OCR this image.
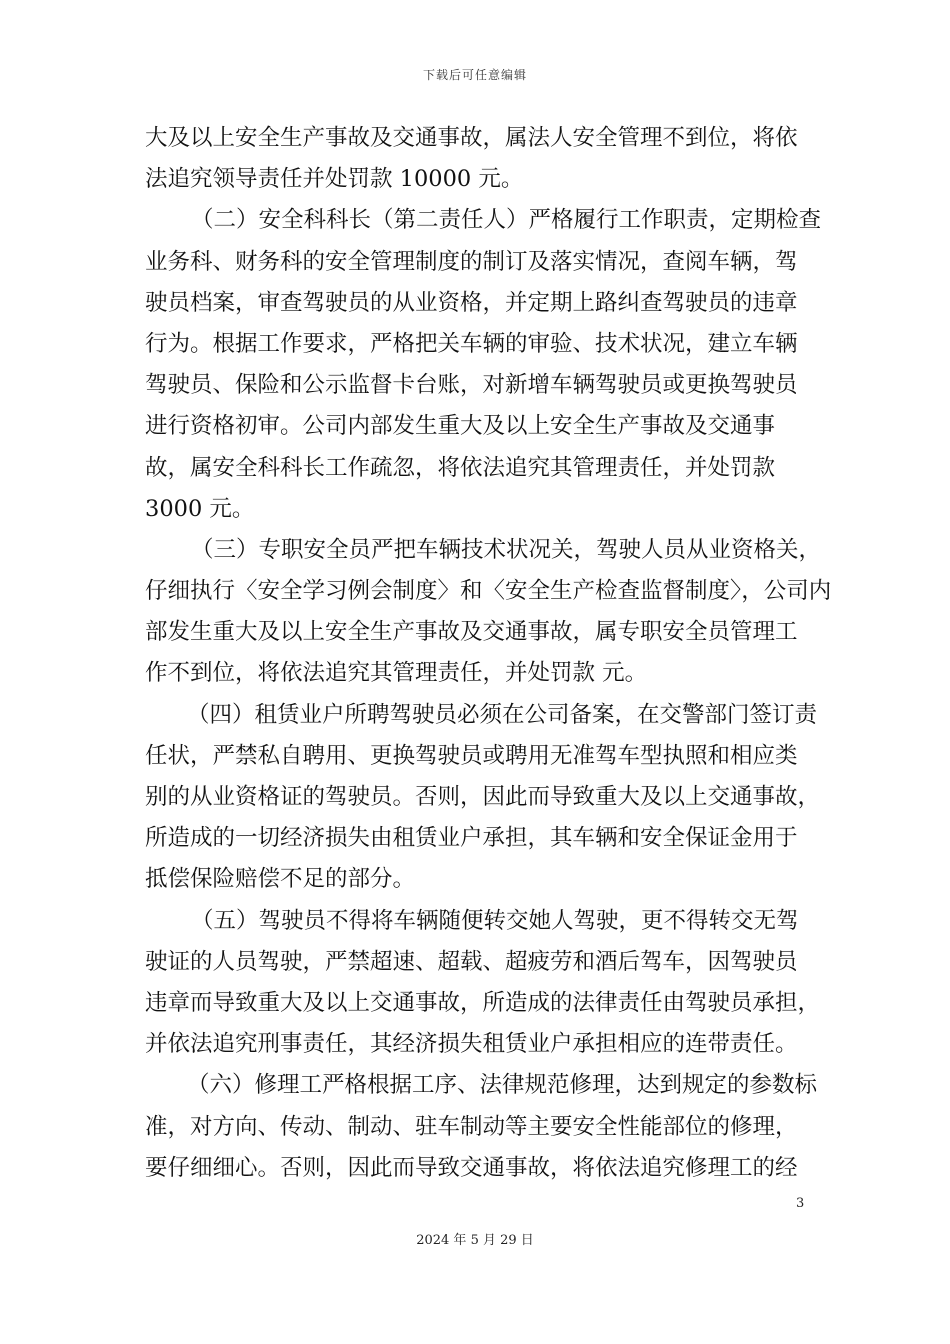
下载后可任意编辑
大及以上安全生产事故及交通事故，属法人安全管理不到位，将依
法追究领导责任并处罚款 10000 元。
（二）安全科科长（第二责任人）严格履行工作职责，定期检查
业务科、财务科的安全管理制度的制订及落实情况，查阅车辆，驾
驶员档案，审查驾驶员的从业资格，并定期上路纠查驾驶员的违章
行为。根据工作要求，严格把关车辆的审验、技术状况，建立车辆
驾驶员、保险和公示监督卡台账，对新增车辆驾驶员或更换驾驶员
进行资格初审。公司内部发生重大及以上安全生产事故及交通事
故，属安全科科长工作疏忽，将依法追究其管理责任，并处罚款
3000 元。
（三）专职安全员严把车辆技术状况关，驾驶人员从业资格关，
仔细执行〈安全学习例会制度〉和〈安全生产检查监督制度〉，公司内
部发生重大及以上安全生产事故及交通事故，属专职安全员管理工
作不到位，将依法追究其管理责任，并处罚款 元。
（四）租赁业户所聘驾驶员必须在公司备案，在交警部门签订责
任状，严禁私自聘用、更换驾驶员或聘用无准驾车型执照和相应类
别的从业资格证的驾驶员。否则，因此而导致重大及以上交通事故，
所造成的一切经济损失由租赁业户承担，其车辆和安全保证金用于
抵偿保险赔偿不足的部分。
（五）驾驶员不得将车辆随便转交她人驾驶，更不得转交无驾
驶证的人员驾驶，严禁超速、超载、超疲劳和酒后驾车，因驾驶员
违章而导致重大及以上交通事故，所造成的法律责任由驾驶员承担，
并依法追究刑事责任，其经济损失租赁业户承担相应的连带责任。
（六）修理工严格根据工序、法律规范修理，达到规定的参数标
准，对方向、传动、制动、驻车制动等主要安全性能部位的修理，
要仔细细心。否则，因此而导致交通事故，将依法追究修理工的经
3
2024 年 5 月 29 日
